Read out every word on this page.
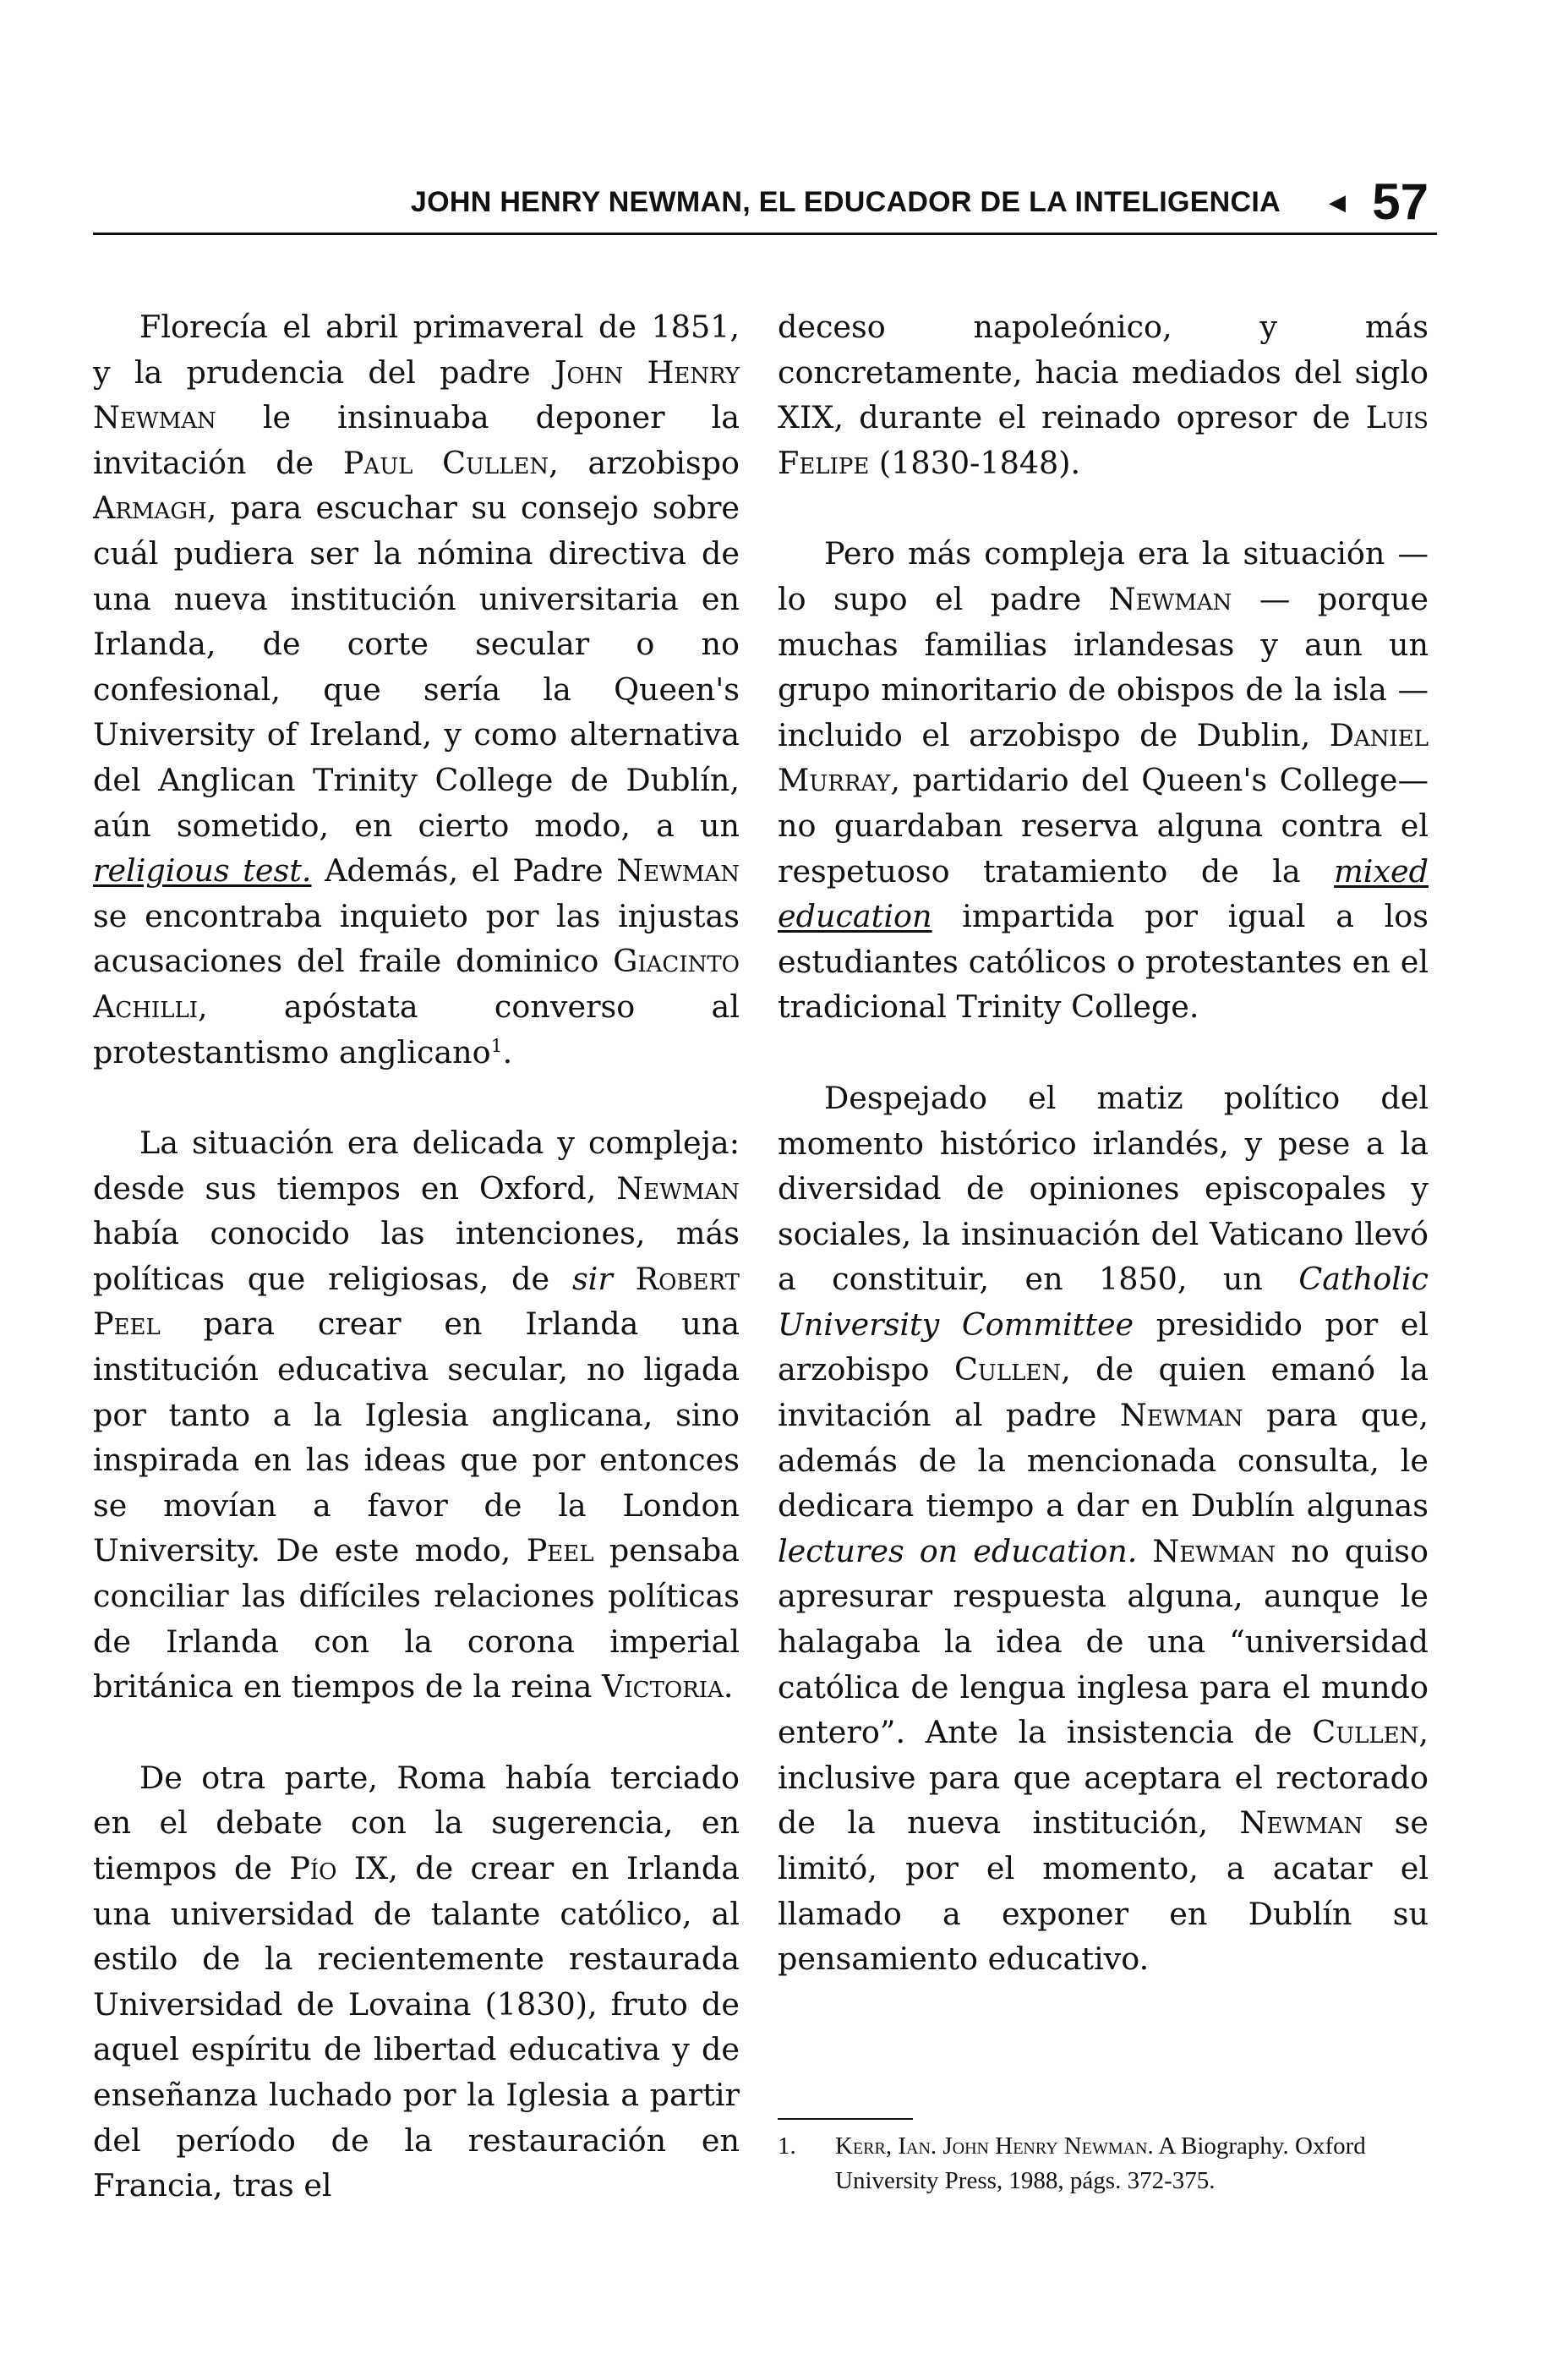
JOHN HENRY NEWMAN, EL EDUCADOR DE LA INTELIGENCIA ◀ 57

Florecía el abril primaveral de 1851, y la prudencia del padre John Henry Newman le insinuaba deponer la invitación de Paul Cullen, arzobispo Armagh, para escuchar su consejo sobre cuál pudiera ser la nómina directiva de una nueva institución universitaria en Irlanda, de corte secular o no confesional, que sería la Queen's University of Ireland, y como alternativa del Anglican Trinity College de Dublín, aún sometido, en cierto modo, a un religious test. Además, el Padre Newman se encontraba inquieto por las injustas acusaciones del fraile dominico Giacinto Achilli, apóstata converso al protestantismo anglicano$^1$.

La situación era delicada y compleja: desde sus tiempos en Oxford, Newman había conocido las intenciones, más políticas que religiosas, de sir Robert Peel para crear en Irlanda una institución educativa secular, no ligada por tanto a la Iglesia anglicana, sino inspirada en las ideas que por entonces se movían a favor de la London University. De este modo, Peel pensaba conciliar las difíciles relaciones políticas de Irlanda con la corona imperial británica en tiempos de la reina Victoria.

De otra parte, Roma había terciado en el debate con la sugerencia, en tiempos de Pío IX, de crear en Irlanda una universidad de talante católico, al estilo de la recientemente restaurada Universidad de Lovaina (1830), fruto de aquel espíritu de libertad educativa y de enseñanza luchado por la Iglesia a partir del período de la restauración en Francia, tras el

deceso napoleónico, y más concretamente, hacia mediados del siglo XIX, durante el reinado opresor de Luis Felipe (1830-1848).

Pero más compleja era la situación —lo supo el padre Newman — porque muchas familias irlandesas y aun un grupo minoritario de obispos de la isla —incluido el arzobispo de Dublin, Daniel Murray, partidario del Queen's College— no guardaban reserva alguna contra el respetuoso tratamiento de la mixed education impartida por igual a los estudiantes católicos o protestantes en el tradicional Trinity College.

Despejado el matiz político del momento histórico irlandés, y pese a la diversidad de opiniones episcopales y sociales, la insinuación del Vaticano llevó a constituir, en 1850, un Catholic University Committee presidido por el arzobispo Cullen, de quien emanó la invitación al padre Newman para que, además de la mencionada consulta, le dedicara tiempo a dar en Dublín algunas lectures on education. Newman no quiso apresurar respuesta alguna, aunque le halagaba la idea de una “universidad católica de lengua inglesa para el mundo entero”. Ante la insistencia de Cullen, inclusive para que aceptara el rectorado de la nueva institución, Newman se limitó, por el momento, a acatar el llamado a exponer en Dublín su pensamiento educativo.

1. Kerr, Ian. John Henry Newman. A Biography. Oxford University Press, 1988, págs. 372-375.
